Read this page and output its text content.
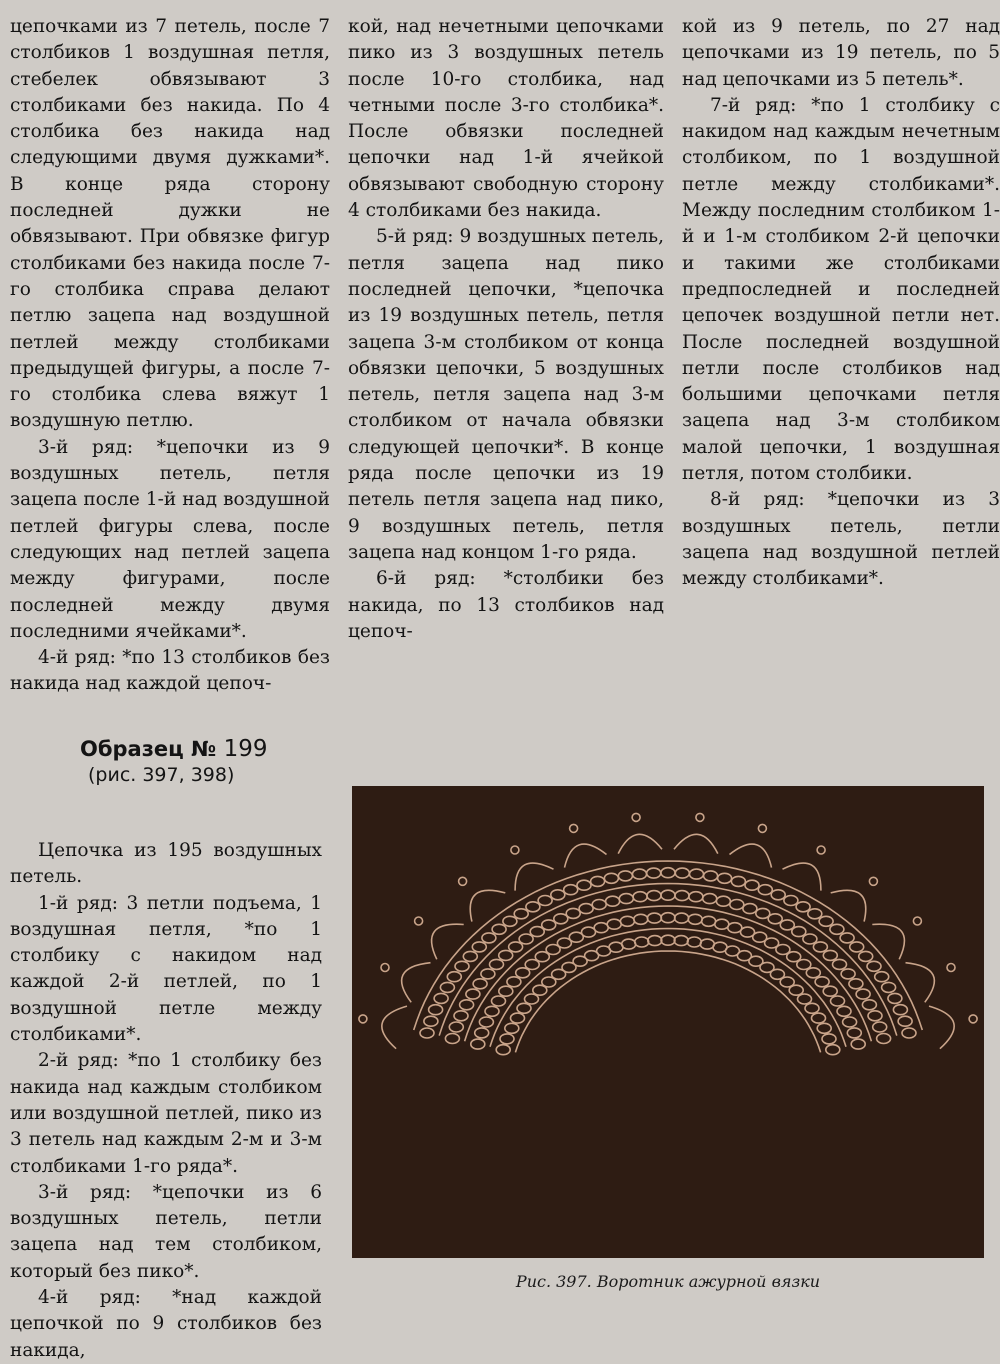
цепочками из 7 петель, после 7 столбиков 1 воздушная петля, стебелек обвязывают 3 столбиками без накида. По 4 столбика без накида над следующими двумя дужками*. В конце ряда сторону последней дужки не обвязывают. При обвязке фигур столбиками без накида после 7-го столбика справа делают петлю зацепа над воздушной петлей между столбиками предыдущей фигуры, а после 7-го столбика слева вяжут 1 воздушную петлю.

3-й ряд: *цепочки из 9 воздушных петель, петля зацепа после 1-й над воздушной петлей фигуры слева, после следующих над петлей зацепа между фигурами, после последней между двумя последними ячейками*.

4-й ряд: *по 13 столбиков без накида над каждой цепоч-

кой, над нечетными цепочками пико из 3 воздушных петель после 10-го столбика, над четными после 3-го столбика*. После обвязки последней цепочки над 1-й ячейкой обвязывают свободную сторону 4 столбиками без накида.

5-й ряд: 9 воздушных петель, петля зацепа над пико последней цепочки, *цепочка из 19 воздушных петель, петля зацепа 3-м столбиком от конца обвязки цепочки, 5 воздушных петель, петля зацепа над 3-м столбиком от начала обвязки следующей цепочки*. В конце ряда после цепочки из 19 петель петля зацепа над пико, 9 воздушных петель, петля зацепа над концом 1-го ряда.

6-й ряд: *столбики без накида, по 13 столбиков над цепоч-

кой из 9 петель, по 27 над цепочками из 19 петель, по 5 над цепочками из 5 петель*.

7-й ряд: *по 1 столбику с накидом над каждым нечетным столбиком, по 1 воздушной петле между столбиками*. Между последним столбиком 1-й и 1-м столбиком 2-й цепочки и такими же столбиками предпоследней и последней цепочек воздушной петли нет. После последней воздушной петли после столбиков над большими цепочками петля зацепа над 3-м столбиком малой цепочки, 1 воздушная петля, потом столбики.

8-й ряд: *цепочки из 3 воздушных петель, петли зацепа над воздушной петлей между столбиками*.

Образец № 199
(рис. 397, 398)

Цепочка из 195 воздушных петель.

1-й ряд: 3 петли подъема, 1 воздушная петля, *по 1 столбику с накидом над каждой 2-й петлей, по 1 воздушной петле между столбиками*.

2-й ряд: *по 1 столбику без накида над каждым столбиком или воздушной петлей, пико из 3 петель над каждым 2-м и 3-м столбиками 1-го ряда*.

3-й ряд: *цепочки из 6 воздушных петель, петли зацепа над тем столбиком, который без пико*.

4-й ряд: *над каждой цепочкой по 9 столбиков без накида,

Рис. 397. Воротник ажурной вязки
